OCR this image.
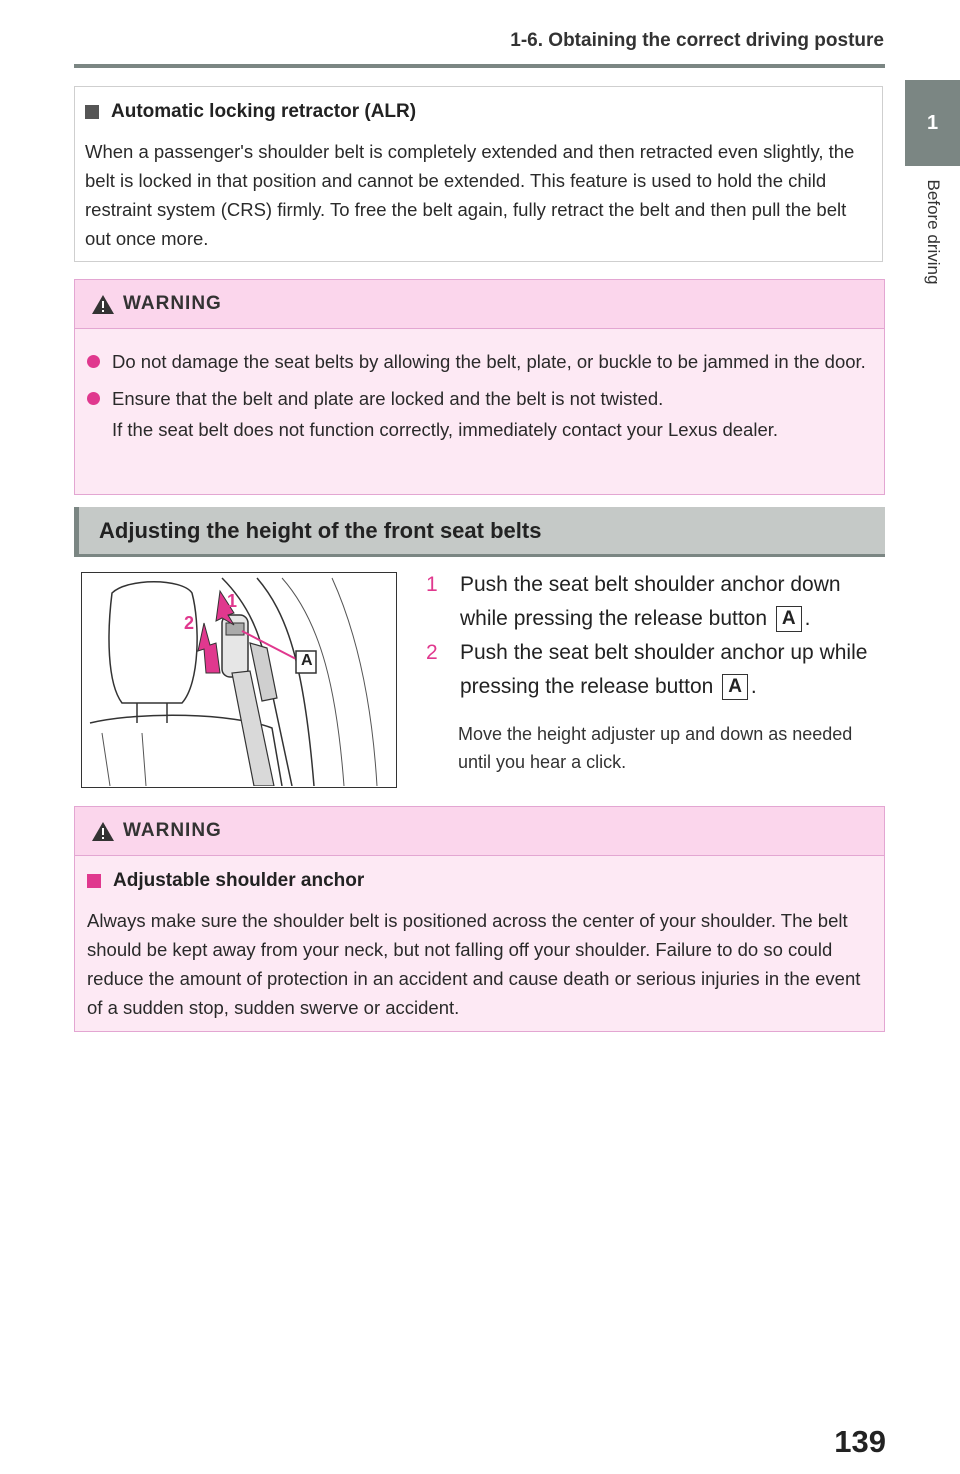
1-6. Obtaining the correct driving posture
1
Before driving
Automatic locking retractor (ALR)
When a passenger's shoulder belt is completely extended and then retracted even slightly, the belt is locked in that position and cannot be extended. This feature is used to hold the child restraint system (CRS) firmly. To free the belt again, fully retract the belt and then pull the belt out once more.
WARNING
Do not damage the seat belts by allowing the belt, plate, or buckle to be jammed in the door.
Ensure that the belt and plate are locked and the belt is not twisted.
If the seat belt does not function correctly, immediately contact your Lexus dealer.
Adjusting the height of the front seat belts
1
2
A
1	Push the seat belt shoulder anchor down while pressing the release button A .
2	Push the seat belt shoulder anchor up while pressing the release button A .
Move the height adjuster up and down as needed until you hear a click.
WARNING
Adjustable shoulder anchor
Always make sure the shoulder belt is positioned across the center of your shoulder. The belt should be kept away from your neck, but not falling off your shoulder. Failure to do so could reduce the amount of protection in an accident and cause death or serious injuries in the event of a sudden stop, sudden swerve or accident.
139
